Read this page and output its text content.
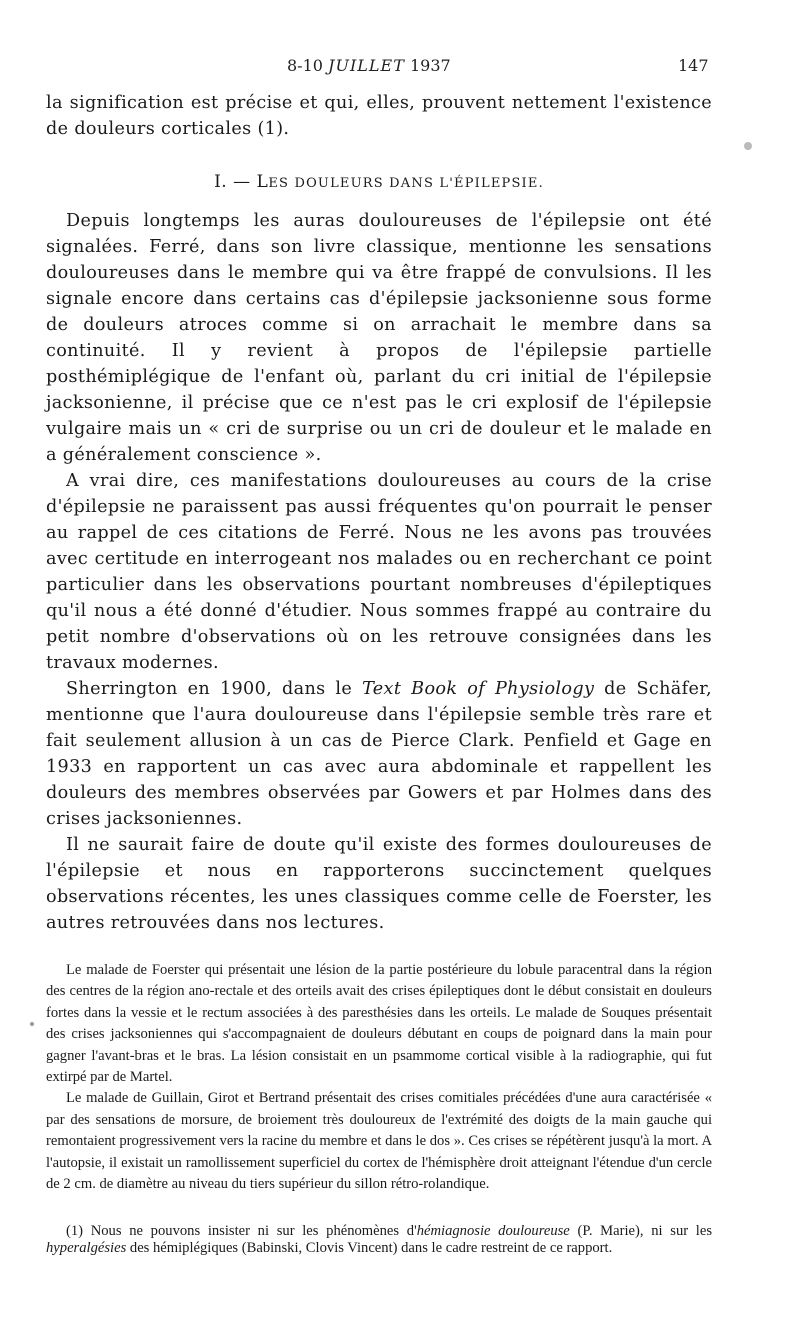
8-10 JUILLET 1937	147

la signification est précise et qui, elles, prouvent nettement l'existence de douleurs corticales (1).

I. — LES DOULEURS DANS L'ÉPILEPSIE.

Depuis longtemps les auras douloureuses de l'épilepsie ont été signalées. Ferré, dans son livre classique, mentionne les sensations douloureuses dans le membre qui va être frappé de convulsions. Il les signale encore dans certains cas d'épilepsie jacksonienne sous forme de douleurs atroces comme si on arrachait le membre dans sa continuité. Il y revient à propos de l'épilepsie partielle posthémiplégique de l'enfant où, parlant du cri initial de l'épilepsie jacksonienne, il précise que ce n'est pas le cri explosif de l'épilepsie vulgaire mais un « cri de surprise ou un cri de douleur et le malade en a généralement conscience ».

A vrai dire, ces manifestations douloureuses au cours de la crise d'épilepsie ne paraissent pas aussi fréquentes qu'on pourrait le penser au rappel de ces citations de Ferré. Nous ne les avons pas trouvées avec certitude en interrogeant nos malades ou en recherchant ce point particulier dans les observations pourtant nombreuses d'épileptiques qu'il nous a été donné d'étudier. Nous sommes frappé au contraire du petit nombre d'observations où on les retrouve consignées dans les travaux modernes.

Sherrington en 1900, dans le Text Book of Physiology de Schäfer, mentionne que l'aura douloureuse dans l'épilepsie semble très rare et fait seulement allusion à un cas de Pierce Clark. Penfield et Gage en 1933 en rapportent un cas avec aura abdominale et rappellent les douleurs des membres observées par Gowers et par Holmes dans des crises jacksoniennes.

Il ne saurait faire de doute qu'il existe des formes douloureuses de l'épilepsie et nous en rapporterons succinctement quelques observations récentes, les unes classiques comme celle de Foerster, les autres retrouvées dans nos lectures.

Le malade de Foerster qui présentait une lésion de la partie postérieure du lobule paracentral dans la région des centres de la région ano-rectale et des orteils avait des crises épileptiques dont le début consistait en douleurs fortes dans la vessie et le rectum associées à des paresthésies dans les orteils. Le malade de Souques présentait des crises jacksoniennes qui s'accompagnaient de douleurs débutant en coups de poignard dans la main pour gagner l'avant-bras et le bras. La lésion consistait en un psammome cortical visible à la radiographie, qui fut extirpé par de Martel.

Le malade de Guillain, Girot et Bertrand présentait des crises comitiales précédées d'une aura caractérisée « par des sensations de morsure, de broiement très douloureux de l'extrémité des doigts de la main gauche qui remontaient progressivement vers la racine du membre et dans le dos ». Ces crises se répétèrent jusqu'à la mort. A l'autopsie, il existait un ramollissement superficiel du cortex de l'hémisphère droit atteignant l'étendue d'un cercle de 2 cm. de diamètre au niveau du tiers supérieur du sillon rétro-rolandique.

(1) Nous ne pouvons insister ni sur les phénomènes d'hémiagnosie douloureuse (P. Marie), ni sur les hyperalgésies des hémiplégiques (Babinski, Clovis Vincent) dans le cadre restreint de ce rapport.
